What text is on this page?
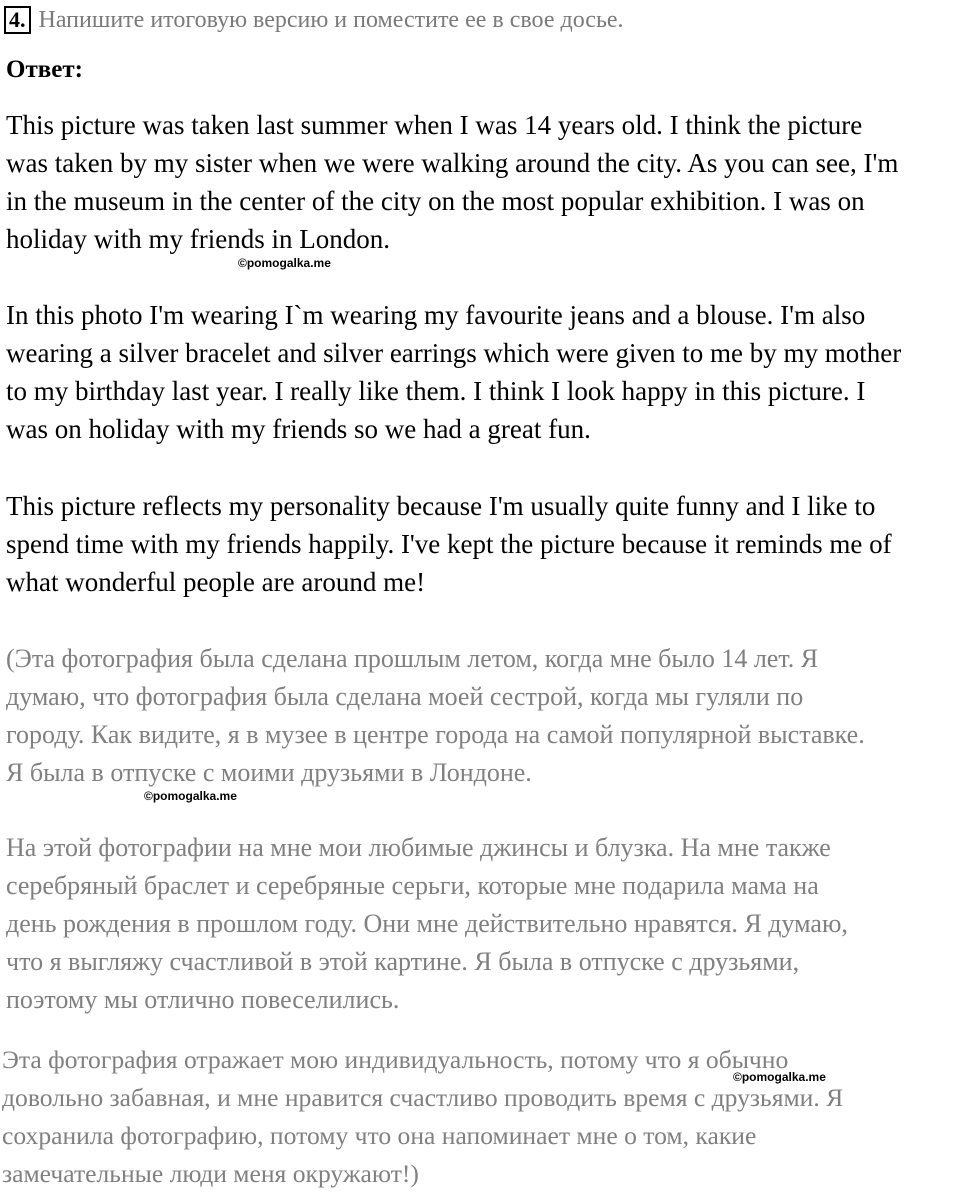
4. Напишите итоговую версию и поместите ее в свое досье.
Ответ:
This picture was taken last summer when I was 14 years old. I think the picture
was taken by my sister when we were walking around the city. As you can see, I'm
in the museum in the center of the city on the most popular exhibition. I was on
holiday with my friends in London.
©pomogalka.me
In this photo I'm wearing I`m wearing my favourite jeans and a blouse. I'm also
wearing a silver bracelet and silver earrings which were given to me by my mother
to my birthday last year. I really like them. I think I look happy in this picture. I
was on holiday with my friends so we had a great fun.
This picture reflects my personality because I'm usually quite funny and I like to
spend time with my friends happily. I've kept the picture because it reminds me of
what wonderful people are around me!
(Эта фотография была сделана прошлым летом, когда мне было 14 лет. Я
думаю, что фотография была сделана моей сестрой, когда мы гуляли по
городу. Как видите, я в музее в центре города на самой популярной выставке.
Я была в отпуске с моими друзьями в Лондоне.
©pomogalka.me
На этой фотографии на мне мои любимые джинсы и блузка. На мне также
серебряный браслет и серебряные серьги, которые мне подарила мама на
день рождения в прошлом году. Они мне действительно нравятся. Я думаю,
что я выгляжу счастливой в этой картине. Я была в отпуске с друзьями,
поэтому мы отлично повеселились.
Эта фотография отражает мою индивидуальность, потому что я обычно
довольно забавная, и мне нравится счастливо проводить время с друзьями. Я
сохранила фотографию, потому что она напоминает мне о том, какие
замечательные люди меня окружают!)
©pomogalka.me
